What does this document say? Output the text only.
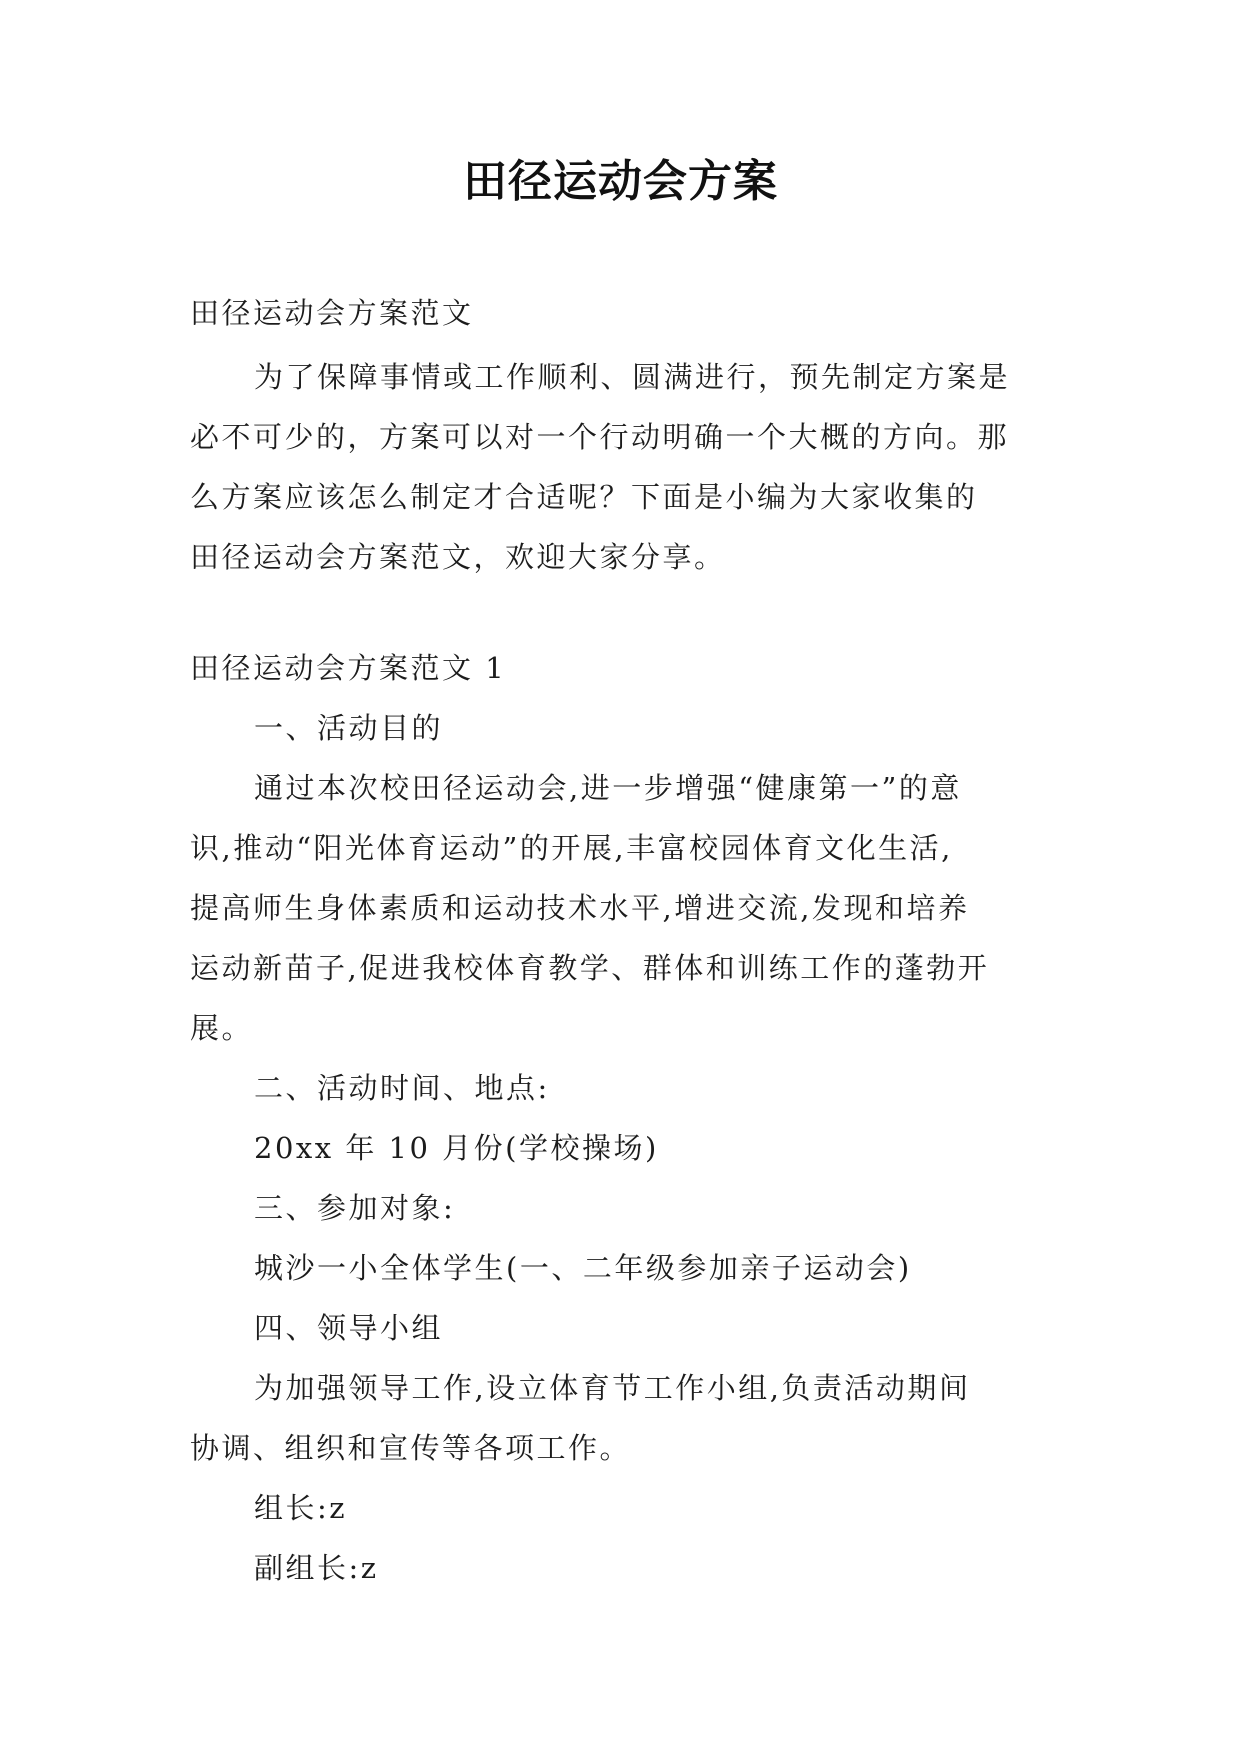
田径运动会方案
田径运动会方案范文
为了保障事情或工作顺利、圆满进行，预先制定方案是
必不可少的，方案可以对一个行动明确一个大概的方向。那
么方案应该怎么制定才合适呢？下面是小编为大家收集的
田径运动会方案范文，欢迎大家分享。
田径运动会方案范文 1
一、活动目的
通过本次校田径运动会,进一步增强“健康第一”的意
识,推动“阳光体育运动”的开展,丰富校园体育文化生活,
提高师生身体素质和运动技术水平,增进交流,发现和培养
运动新苗子,促进我校体育教学、群体和训练工作的蓬勃开
展。
二、活动时间、地点:
20xx 年 10 月份(学校操场)
三、参加对象:
城沙一小全体学生(一、二年级参加亲子运动会)
四、领导小组
为加强领导工作,设立体育节工作小组,负责活动期间
协调、组织和宣传等各项工作。
组长:z
副组长:z
